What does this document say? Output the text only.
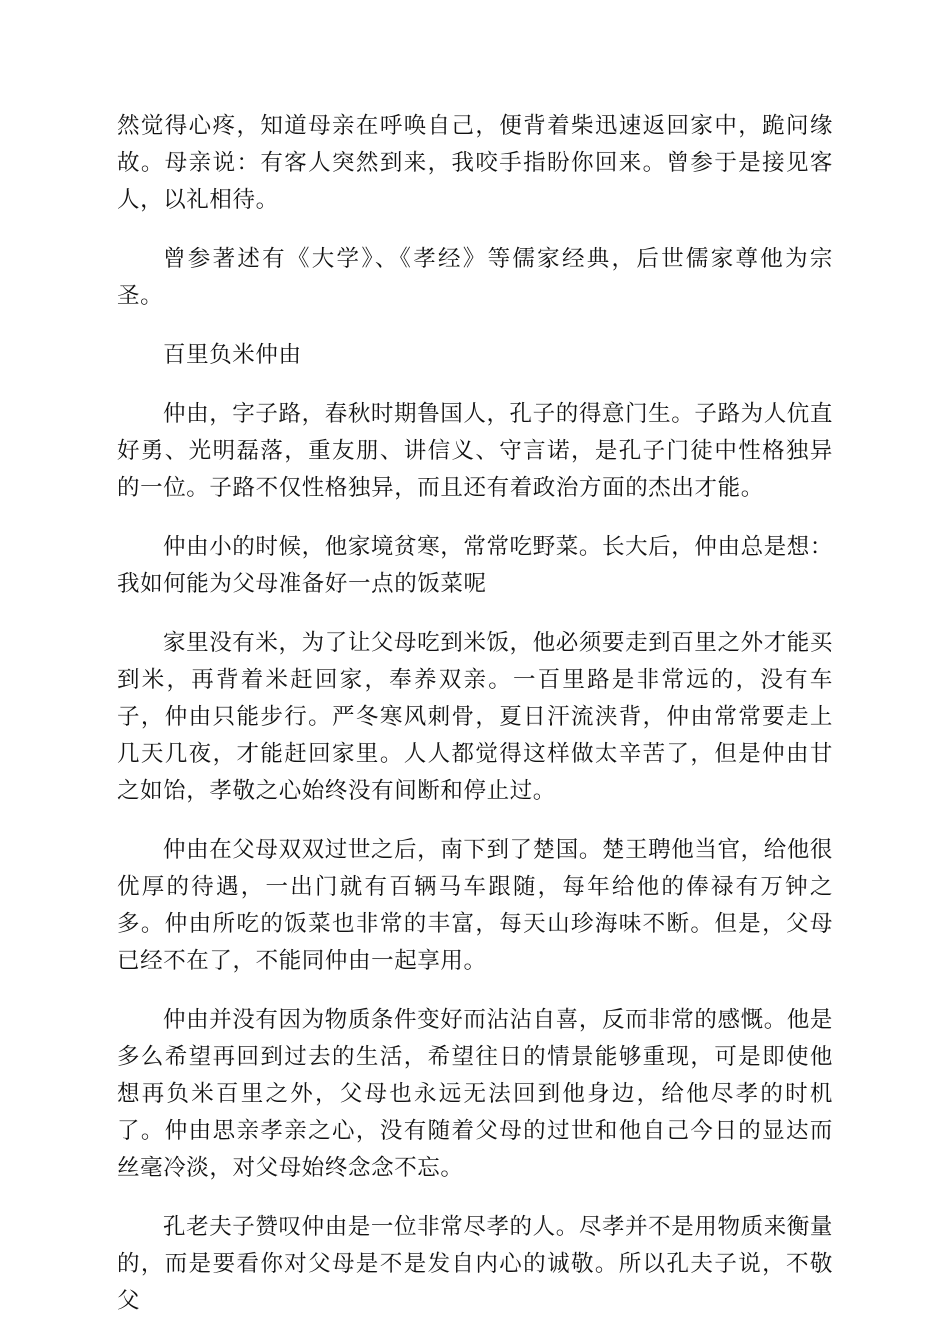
然觉得心疼，知道母亲在呼唤自己，便背着柴迅速返回家中，跪问缘故。母亲说：有客人突然到来，我咬手指盼你回来。曾参于是接见客人，以礼相待。

曾参著述有《大学》、《孝经》等儒家经典，后世儒家尊他为宗圣。

百里负米仲由

仲由，字子路，春秋时期鲁国人，孔子的得意门生。子路为人伉直好勇、光明磊落，重友朋、讲信义、守言诺，是孔子门徒中性格独异的一位。子路不仅性格独异，而且还有着政治方面的杰出才能。

仲由小的时候，他家境贫寒，常常吃野菜。长大后，仲由总是想：我如何能为父母准备好一点的饭菜呢

家里没有米，为了让父母吃到米饭，他必须要走到百里之外才能买到米，再背着米赶回家，奉养双亲。一百里路是非常远的，没有车子，仲由只能步行。严冬寒风刺骨，夏日汗流浃背，仲由常常要走上几天几夜，才能赶回家里。人人都觉得这样做太辛苦了，但是仲由甘之如饴，孝敬之心始终没有间断和停止过。

仲由在父母双双过世之后，南下到了楚国。楚王聘他当官，给他很优厚的待遇，一出门就有百辆马车跟随，每年给他的俸禄有万钟之多。仲由所吃的饭菜也非常的丰富，每天山珍海味不断。但是，父母已经不在了，不能同仲由一起享用。

仲由并没有因为物质条件变好而沾沾自喜，反而非常的感慨。他是多么希望再回到过去的生活，希望往日的情景能够重现，可是即使他想再负米百里之外，父母也永远无法回到他身边，给他尽孝的时机了。仲由思亲孝亲之心，没有随着父母的过世和他自己今日的显达而丝毫冷淡，对父母始终念念不忘。

孔老夫子赞叹仲由是一位非常尽孝的人。尽孝并不是用物质来衡量的，而是要看你对父母是不是发自内心的诚敬。所以孔夫子说，不敬父
